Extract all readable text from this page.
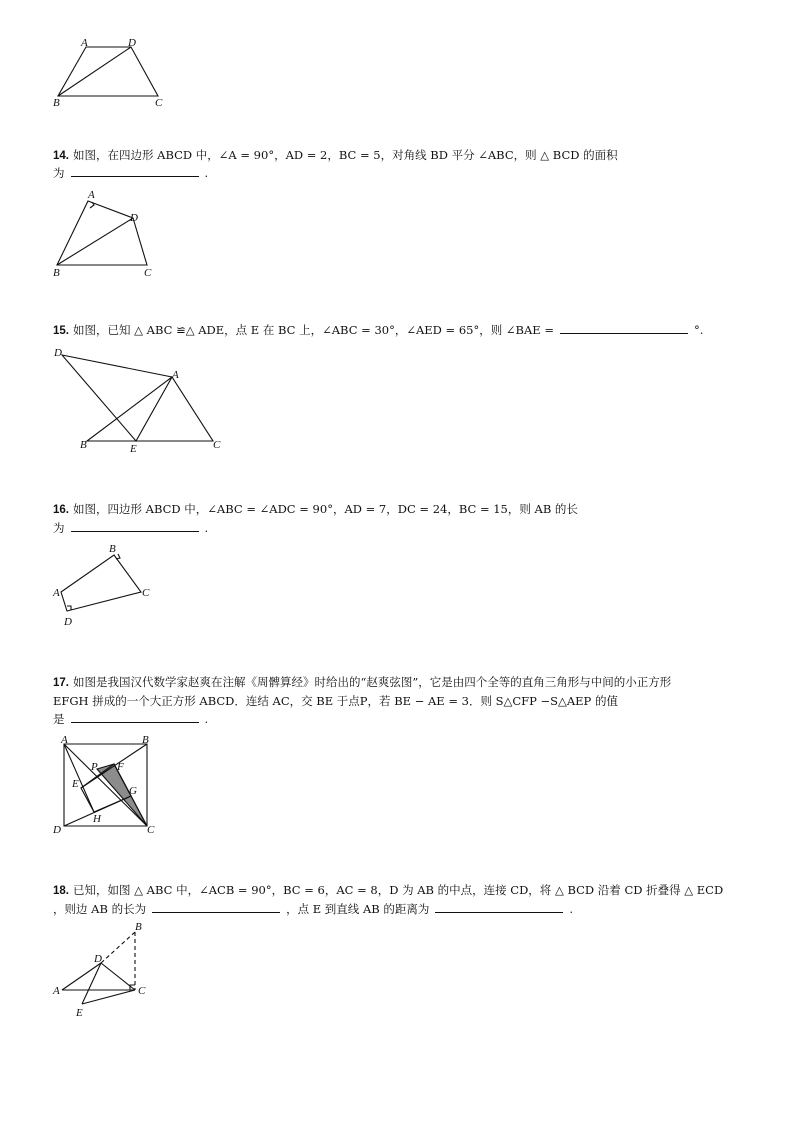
A	D
B	C
14. 如图，在四边形 ABCD 中，∠A = 90°，AD = 2，BC = 5，对角线 BD 平分 ∠ABC，则 △ BCD 的面积
为	.
A
D
B	C
15. 如图，已知 △ ABC ≌△ ADE，点 E 在 BC 上，∠ABC = 30°，∠AED = 65°，则 ∠BAE =	°.
D
A
B	E	C
16. 如图，四边形 ABCD 中，∠ABC = ∠ADC = 90°，AD = 7，DC = 24，BC = 15，则 AB 的长
为	.
B
A	C
D
17. 如图是我国汉代数学家赵爽在注解《周髀算经》时给出的“赵爽弦图”，它是由四个全等的直角三角形与中间的小正方形
EFGH 拼成的一个大正方形 ABCD．连结 AC，交 BE 于点P，若 BE − AE = 3．则 S△CFP −S△AEP 的值
是	.
A	B
P F
E
G
H
D	C
18. 已知，如图 △ ABC 中，∠ACB = 90°，BC = 6，AC = 8，D 为 AB 的中点，连接 CD，将 △ BCD 沿着 CD 折叠得 △ ECD
，则边 AB 的长为	，点 E 到直线 AB 的距离为	.
B
D
A	C
E
